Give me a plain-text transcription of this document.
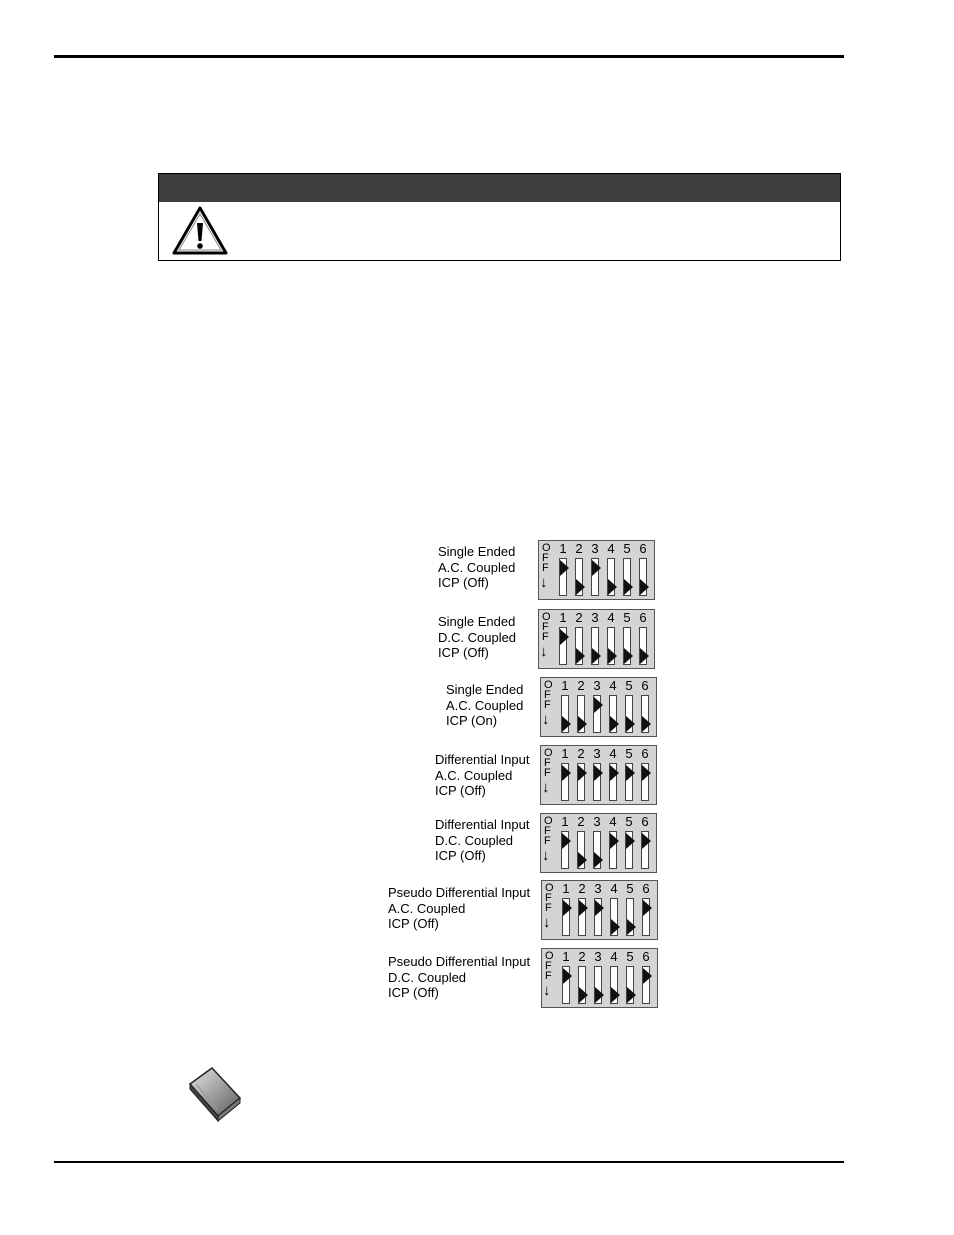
Single Ended
A.C. Coupled
ICP (Off)
O
F
F
↓
1 2 3 4 5 6
Single Ended
D.C. Coupled
ICP (Off)
O
F
F
↓
1 2 3 4 5 6
Single Ended
A.C. Coupled
ICP (On)
O
F
F
↓
1 2 3 4 5 6
Differential Input
A.C. Coupled
ICP (Off)
O
F
F
↓
1 2 3 4 5 6
Differential Input
D.C. Coupled
ICP (Off)
O
F
F
↓
1 2 3 4 5 6
Pseudo Differential Input
A.C. Coupled
ICP (Off)
O
F
F
↓
1 2 3 4 5 6
Pseudo Differential Input
D.C. Coupled
ICP (Off)
O
F
F
↓
1 2 3 4 5 6
